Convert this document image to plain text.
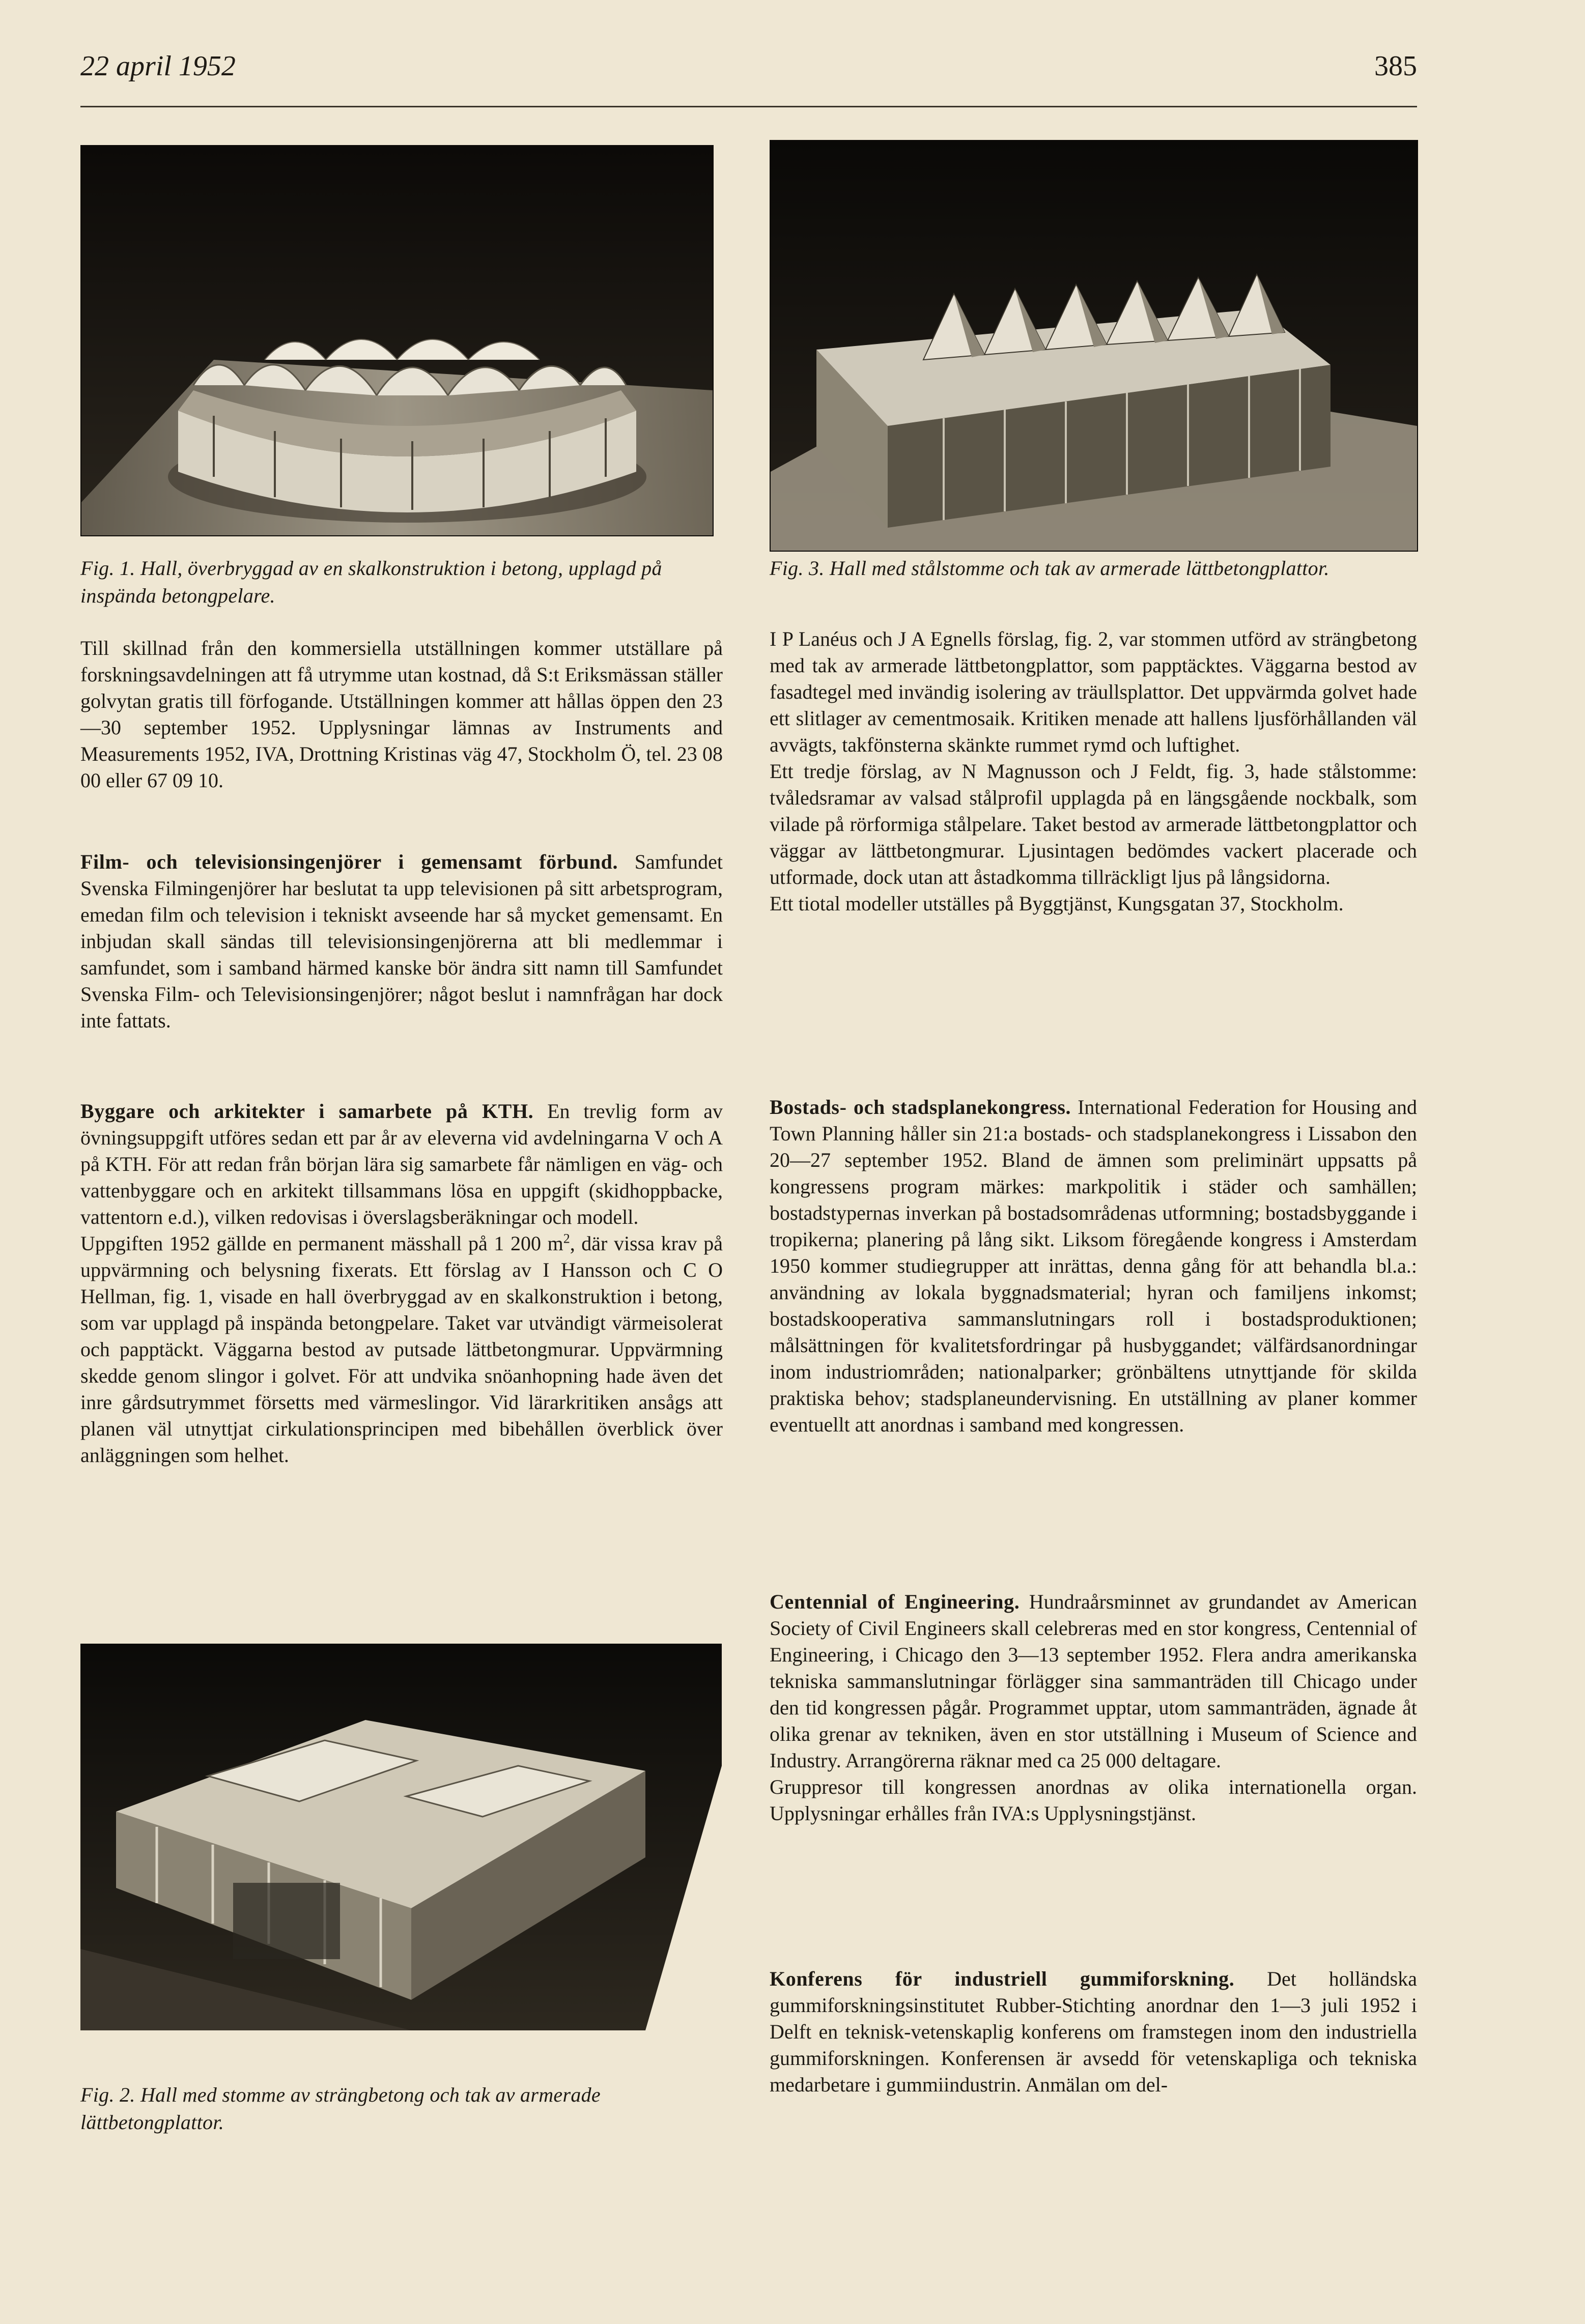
22 april 1952	385
Fig. 1. Hall, överbryggad av en skalkonstruktion i betong, upplagd på inspända betongpelare.
Fig. 3. Hall med stålstomme och tak av armerade lättbetongplattor.

Till skillnad från den kommersiella utställningen kommer utställare på forskningsavdelningen att få utrymme utan kostnad, då S:t Eriksmässan ställer golvytan gratis till förfogande. Utställningen kommer att hållas öppen den 23—30 september 1952. Upplysningar lämnas av Instruments and Measurements 1952, IVA, Drottning Kristinas väg 47, Stockholm Ö, tel. 23 08 00 eller 67 09 10.

Film- och televisionsingenjörer i gemensamt förbund. Samfundet Svenska Filmingenjörer har beslutat ta upp televisionen på sitt arbetsprogram, emedan film och television i tekniskt avseende har så mycket gemensamt. En inbjudan skall sändas till televisionsingenjörerna att bli medlemmar i samfundet, som i samband härmed kanske bör ändra sitt namn till Samfundet Svenska Film- och Televisionsingenjörer; något beslut i namnfrågan har dock inte fattats.

Byggare och arkitekter i samarbete på KTH. En trevlig form av övningsuppgift utföres sedan ett par år av eleverna vid avdelningarna V och A på KTH. För att redan från början lära sig samarbete får nämligen en väg- och vattenbyggare och en arkitekt tillsammans lösa en uppgift (skidhoppbacke, vattentorn e.d.), vilken redovisas i överslagsberäkningar och modell.

Uppgiften 1952 gällde en permanent mässhall på 1 200 $m^2$, där vissa krav på uppvärmning och belysning fixerats. Ett förslag av I Hansson och C O Hellman, fig. 1, visade en hall överbryggad av en skalkonstruktion i betong, som var upplagd på inspända betongpelare. Taket var utvändigt värmeisolerat och papptäckt. Väggarna bestod av putsade lättbetongmurar. Uppvärmning skedde genom slingor i golvet. För att undvika snöanhopning hade även det inre gårdsutrymmet försetts med värmeslingor. Vid lärarkritiken ansågs att planen väl utnyttjat cirkulationsprincipen med bibehållen överblick över anläggningen som helhet.

Fig. 2. Hall med stomme av strängbetong och tak av armerade lättbetongplattor.

I P Lanéus och J A Egnells förslag, fig. 2, var stommen utförd av strängbetong med tak av armerade lättbetongplattor, som papptäcktes. Väggarna bestod av fasadtegel med invändig isolering av träullsplattor. Det uppvärmda golvet hade ett slitlager av cementmosaik. Kritiken menade att hallens ljusförhållanden väl avvägts, takfönsterna skänkte rummet rymd och luftighet.

Ett tredje förslag, av N Magnusson och J Feldt, fig. 3, hade stålstomme: tvåledsramar av valsad stålprofil upplagda på en längsgående nockbalk, som vilade på rörformiga stålpelare. Taket bestod av armerade lättbetongplattor och väggar av lättbetongmurar. Ljusintagen bedömdes vackert placerade och utformade, dock utan att åstadkomma tillräckligt ljus på långsidorna.

Ett tiotal modeller utställes på Byggtjänst, Kungsgatan 37, Stockholm.

Bostads- och stadsplanekongress. International Federation for Housing and Town Planning håller sin 21:a bostads- och stadsplanekongress i Lissabon den 20—27 september 1952. Bland de ämnen som preliminärt uppsatts på kongressens program märkes: markpolitik i städer och samhällen; bostadstypernas inverkan på bostadsområdenas utformning; bostadsbyggande i tropikerna; planering på lång sikt. Liksom föregående kongress i Amsterdam 1950 kommer studiegrupper att inrättas, denna gång för att behandla bl.a.: användning av lokala byggnadsmaterial; hyran och familjens inkomst; bostadskooperativa sammanslutningars roll i bostadsproduktionen; målsättningen för kvalitetsfordringar på husbyggandet; välfärdsanordningar inom industriområden; nationalparker; grönbältens utnyttjande för skilda praktiska behov; stadsplaneundervisning. En utställning av planer kommer eventuellt att anordnas i samband med kongressen.

Centennial of Engineering. Hundraårsminnet av grundandet av American Society of Civil Engineers skall celebreras med en stor kongress, Centennial of Engineering, i Chicago den 3—13 september 1952. Flera andra amerikanska tekniska sammanslutningar förlägger sina sammanträden till Chicago under den tid kongressen pågår. Programmet upptar, utom sammanträden, ägnade åt olika grenar av tekniken, även en stor utställning i Museum of Science and Industry. Arrangörerna räknar med ca 25 000 deltagare.

Gruppresor till kongressen anordnas av olika internationella organ. Upplysningar erhålles från IVA:s Upplysningstjänst.

Konferens för industriell gummiforskning. Det holländska gummiforskningsinstitutet Rubber-Stichting anordnar den 1—3 juli 1952 i Delft en teknisk-vetenskaplig konferens om framstegen inom den industriella gummiforskningen. Konferensen är avsedd för vetenskapliga och tekniska medarbetare i gummiindustrin. Anmälan om del-
